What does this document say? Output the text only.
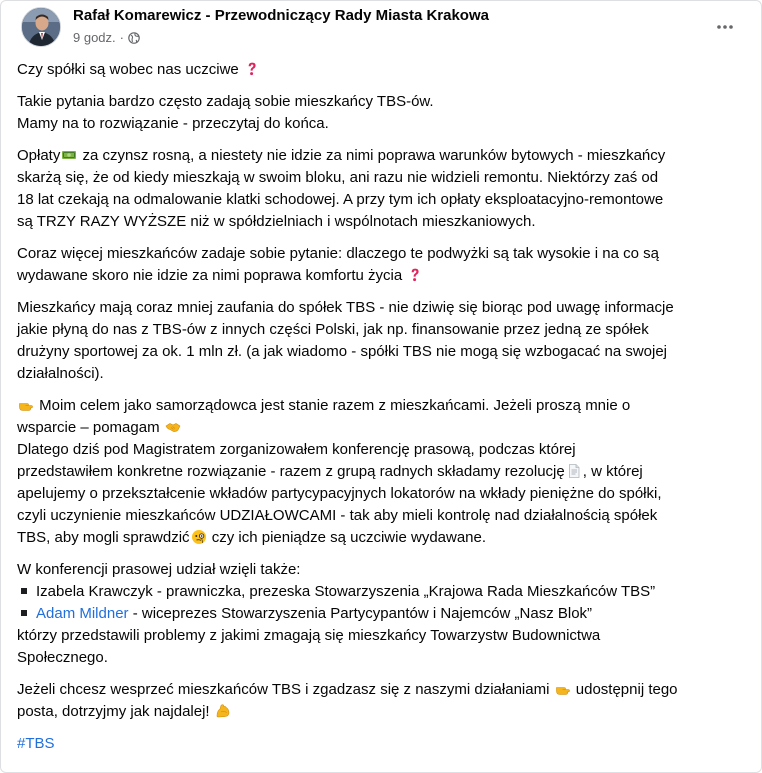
Rafał Komarewicz - Przewodniczący Rady Miasta Krakowa
9 godz. ·
Czy spółki są wobec nas uczciwe
Takie pytania bardzo często zadają sobie mieszkańcy TBS-ów.
Mamy na to rozwiązanie - przeczytaj do końca.
Opłaty za czynsz rosną, a niestety nie idzie za nimi poprawa warunków bytowych - mieszkańcy
skarżą się, że od kiedy mieszkają w swoim bloku, ani razu nie widzieli remontu. Niektórzy zaś od
18 lat czekają na odmalowanie klatki schodowej. A przy tym ich opłaty eksploatacyjno-remontowe
są TRZY RAZY WYŻSZE niż w spółdzielniach i wspólnotach mieszkaniowych.
Coraz więcej mieszkańców zadaje sobie pytanie: dlaczego te podwyżki są tak wysokie i na co są
wydawane skoro nie idzie za nimi poprawa komfortu życia
Mieszkańcy mają coraz mniej zaufania do spółek TBS - nie dziwię się biorąc pod uwagę informacje
jakie płyną do nas z TBS-ów z innych części Polski, jak np. finansowanie przez jedną ze spółek
drużyny sportowej za ok. 1 mln zł. (a jak wiadomo - spółki TBS nie mogą się wzbogacać na swojej
działalności).
Moim celem jako samorządowca jest stanie razem z mieszkańcami. Jeżeli proszą mnie o
wsparcie – pomagam
Dlatego dziś pod Magistratem zorganizowałem konferencję prasową, podczas której
przedstawiłem konkretne rozwiązanie - razem z grupą radnych składamy rezolucję , w której
apelujemy o przekształcenie wkładów partycypacyjnych lokatorów na wkłady pieniężne do spółki,
czyli uczynienie mieszkańców UDZIAŁOWCAMI - tak aby mieli kontrolę nad działalnością spółek
TBS, aby mogli sprawdzić czy ich pieniądze są uczciwie wydawane.
W konferencji prasowej udział wzięli także:
Izabela Krawczyk - prawniczka, prezeska Stowarzyszenia „Krajowa Rada Mieszkańców TBS”
Adam Mildner - wiceprezes Stowarzyszenia Partycypantów i Najemców „Nasz Blok”
którzy przedstawili problemy z jakimi zmagają się mieszkańcy Towarzystw Budownictwa
Społecznego.
Jeżeli chcesz wesprzeć mieszkańców TBS i zgadzasz się z naszymi działaniami  udostępnij tego
posta, dotrzyjmy jak najdalej!
#TBS
